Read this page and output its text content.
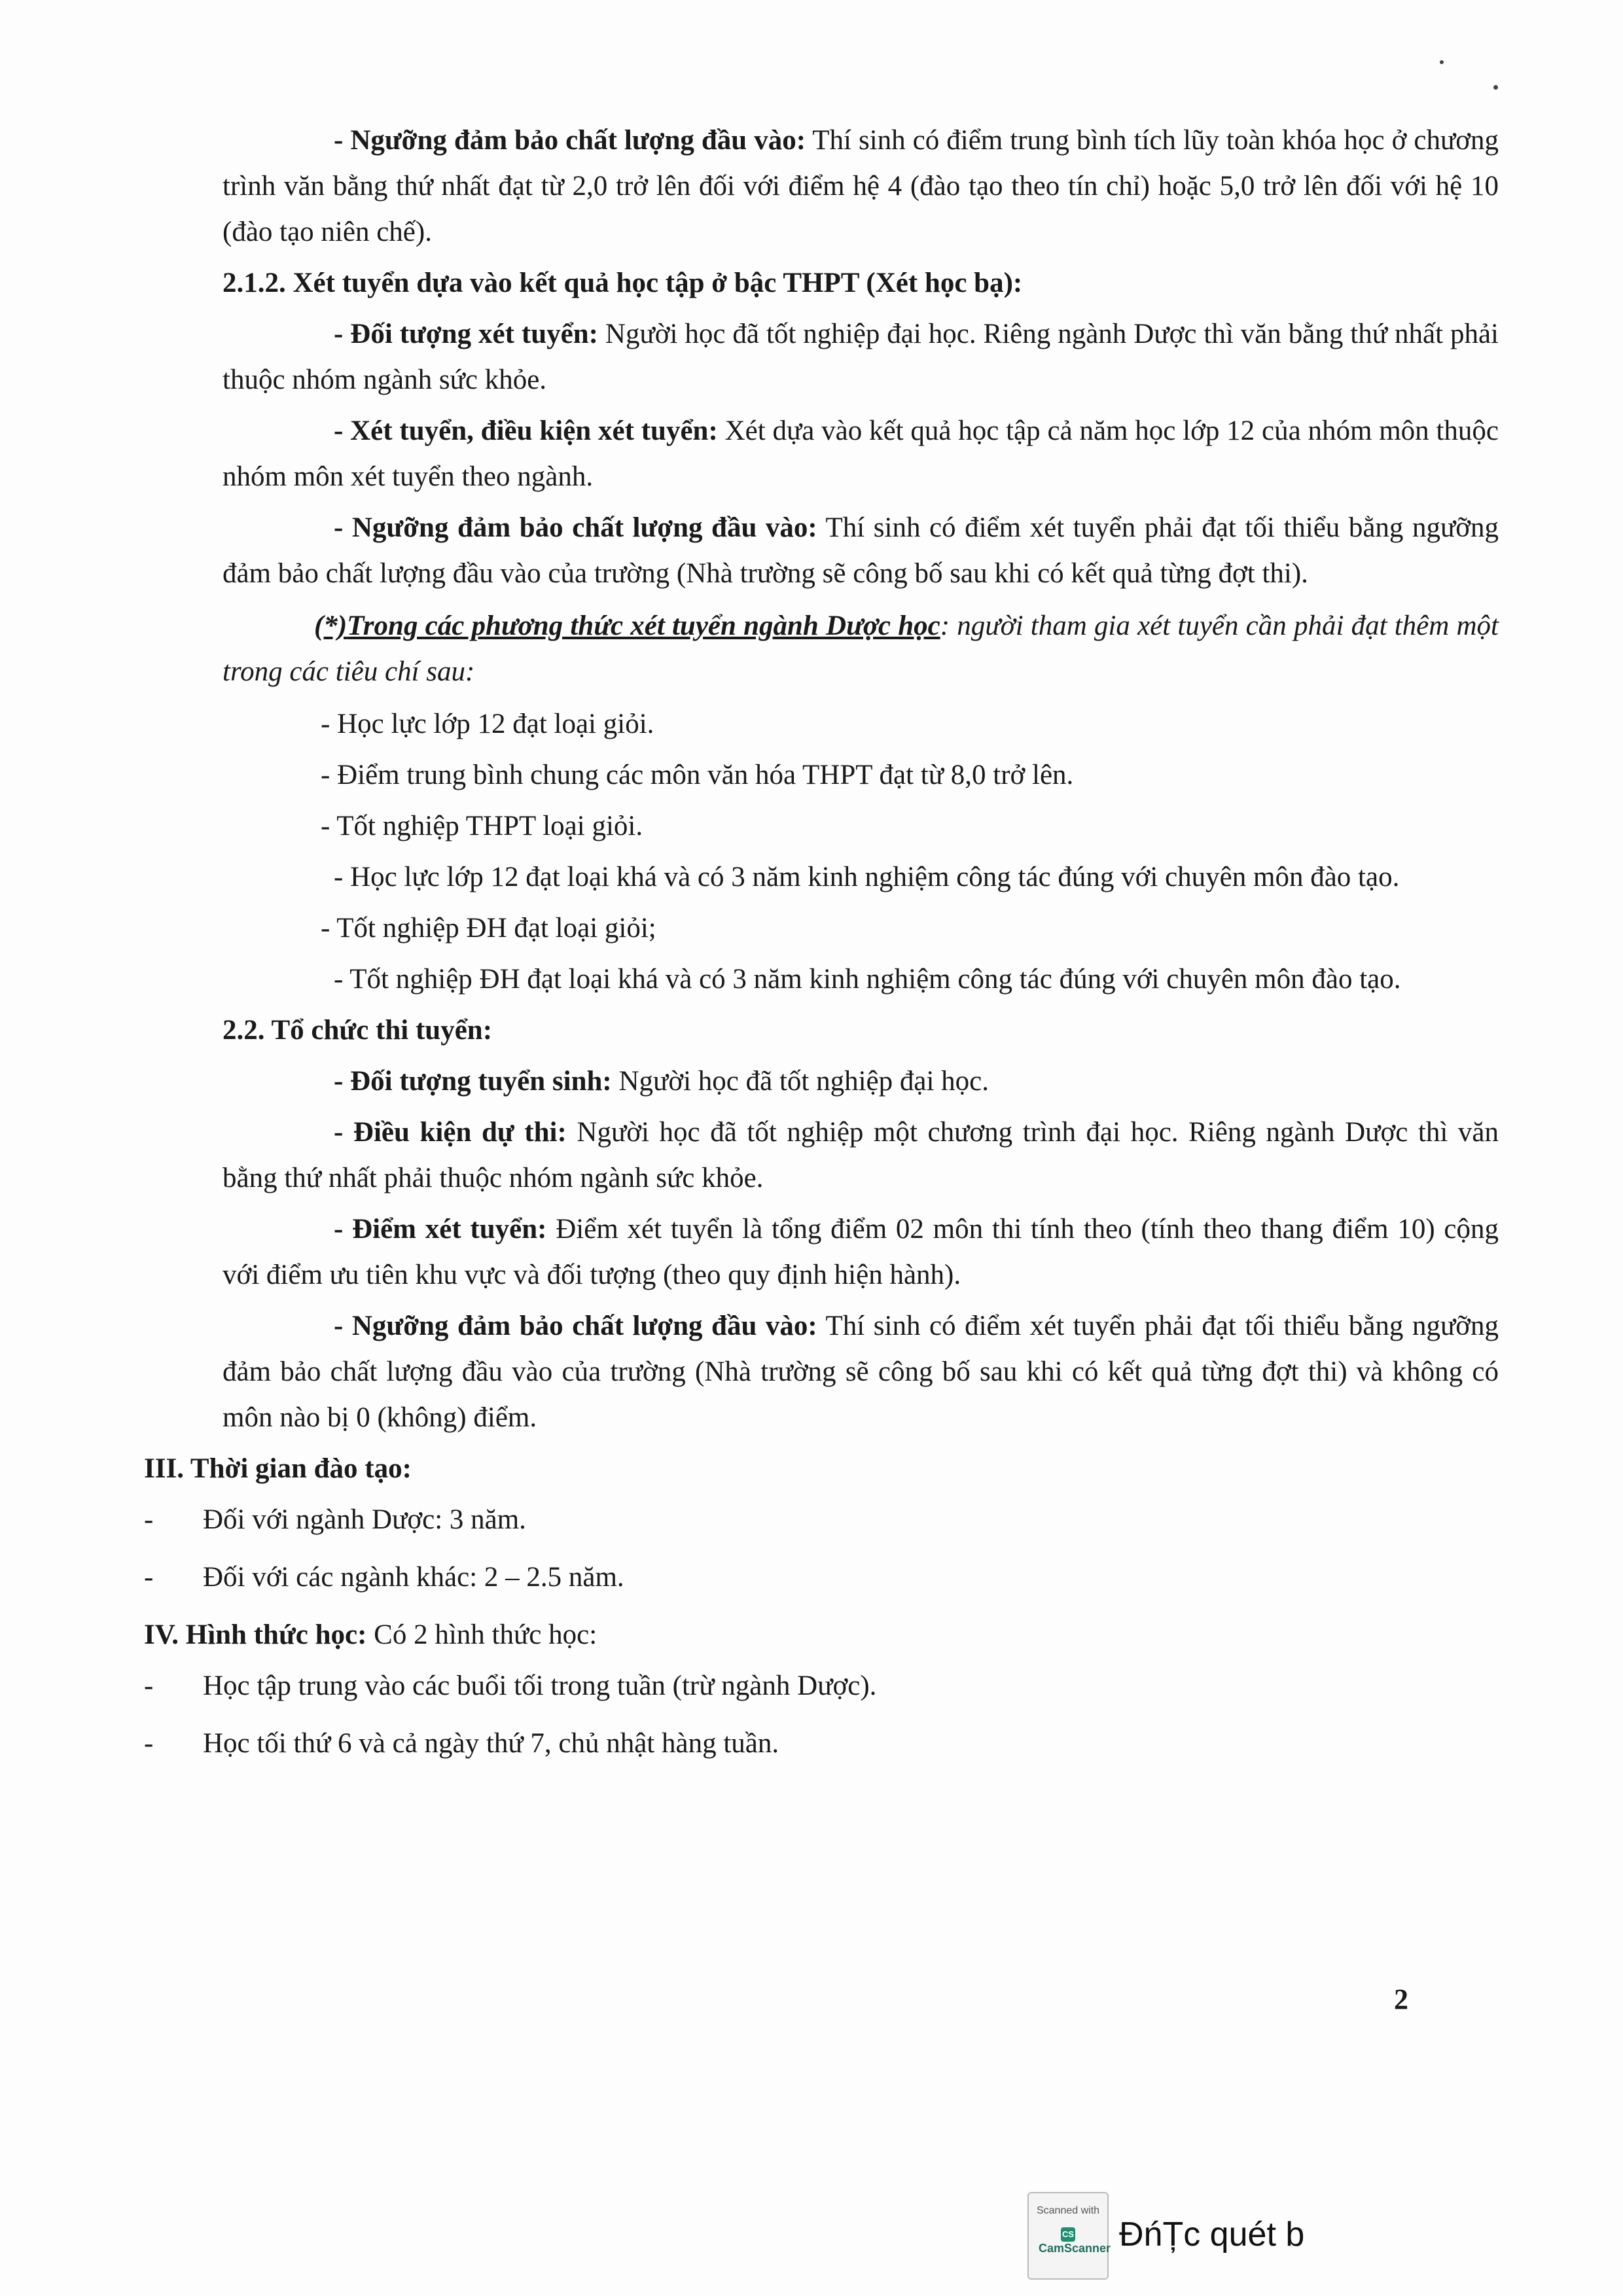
- Ngưỡng đảm bảo chất lượng đầu vào: Thí sinh có điểm trung bình tích lũy toàn khóa học ở chương trình văn bằng thứ nhất đạt từ 2,0 trở lên đối với điểm hệ 4 (đào tạo theo tín chỉ) hoặc 5,0 trở lên đối với hệ 10 (đào tạo niên chế).

2.1.2. Xét tuyển dựa vào kết quả học tập ở bậc THPT (Xét học bạ):

- Đối tượng xét tuyển: Người học đã tốt nghiệp đại học. Riêng ngành Dược thì văn bằng thứ nhất phải thuộc nhóm ngành sức khỏe.

- Xét tuyển, điều kiện xét tuyển: Xét dựa vào kết quả học tập cả năm học lớp 12 của nhóm môn thuộc nhóm môn xét tuyển theo ngành.

- Ngưỡng đảm bảo chất lượng đầu vào: Thí sinh có điểm xét tuyển phải đạt tối thiểu bằng ngưỡng đảm bảo chất lượng đầu vào của trường (Nhà trường sẽ công bố sau khi có kết quả từng đợt thi).

(*)Trong các phương thức xét tuyển ngành Dược học: người tham gia xét tuyển cần phải đạt thêm một trong các tiêu chí sau:

- Học lực lớp 12 đạt loại giỏi.

- Điểm trung bình chung các môn văn hóa THPT đạt từ 8,0 trở lên.

- Tốt nghiệp THPT loại giỏi.

- Học lực lớp 12 đạt loại khá và có 3 năm kinh nghiệm công tác đúng với chuyên môn đào tạo.

- Tốt nghiệp ĐH đạt loại giỏi;

- Tốt nghiệp ĐH đạt loại khá và có 3 năm kinh nghiệm công tác đúng với chuyên môn đào tạo.

2.2. Tổ chức thi tuyển:

- Đối tượng tuyển sinh: Người học đã tốt nghiệp đại học.

- Điều kiện dự thi: Người học đã tốt nghiệp một chương trình đại học. Riêng ngành Dược thì văn bằng thứ nhất phải thuộc nhóm ngành sức khỏe.

- Điểm xét tuyển: Điểm xét tuyển là tổng điểm 02 môn thi tính theo (tính theo thang điểm 10) cộng với điểm ưu tiên khu vực và đối tượng (theo quy định hiện hành).

- Ngưỡng đảm bảo chất lượng đầu vào: Thí sinh có điểm xét tuyển phải đạt tối thiểu bằng ngưỡng đảm bảo chất lượng đầu vào của trường (Nhà trường sẽ công bố sau khi có kết quả từng đợt thi) và không có môn nào bị 0 (không) điểm.

III. Thời gian đào tạo:

- Đối với ngành Dược: 3 năm.

- Đối với các ngành khác: 2 – 2.5 năm.

IV. Hình thức học: Có 2 hình thức học:

- Học tập trung vào các buổi tối trong tuần (trừ ngành Dược).

- Học tối thứ 6 và cả ngày thứ 7, chủ nhật hàng tuần.

2
Scanned with
CS CamScanner ĐńȚc quét b
